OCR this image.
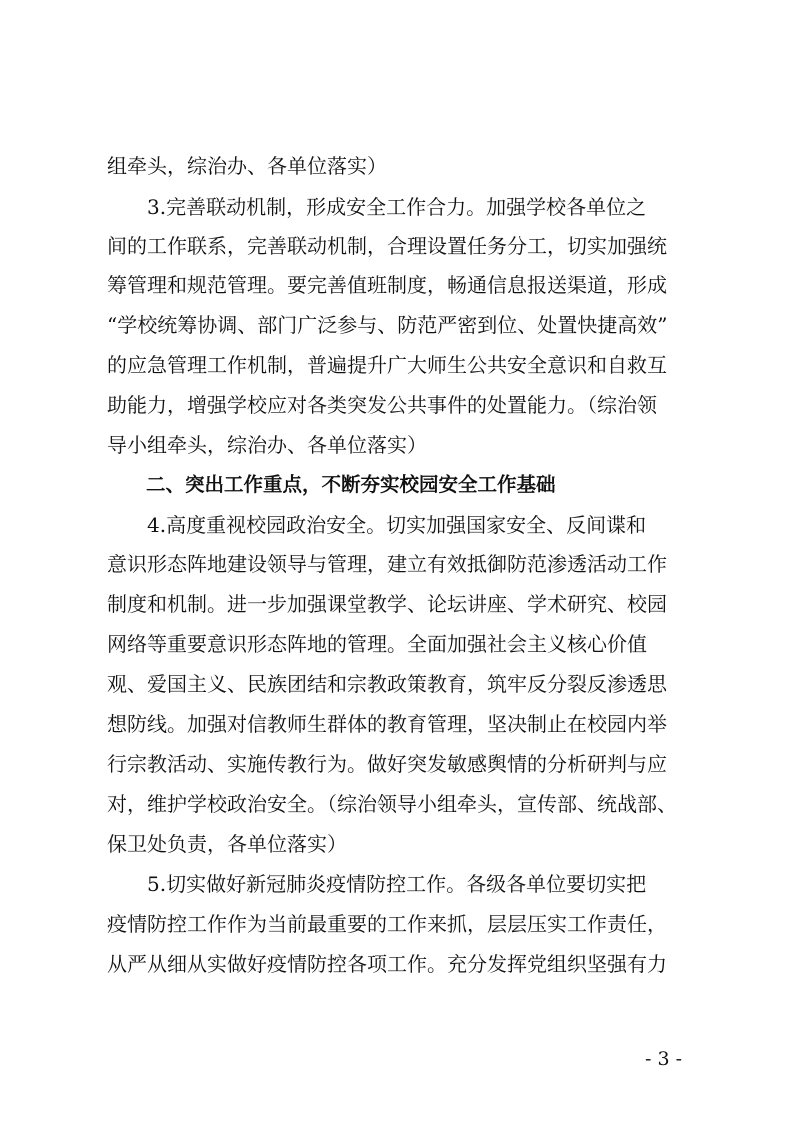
组牵头，综治办、各单位落实）
　　3.完善联动机制，形成安全工作合力。加强学校各单位之
间的工作联系，完善联动机制，合理设置任务分工，切实加强统
筹管理和规范管理。要完善值班制度，畅通信息报送渠道，形成
“学校统筹协调、部门广泛参与、防范严密到位、处置快捷高效”
的应急管理工作机制，普遍提升广大师生公共安全意识和自救互
助能力，增强学校应对各类突发公共事件的处置能力。（综治领
导小组牵头，综治办、各单位落实）
　　二、突出工作重点，不断夯实校园安全工作基础
　　4.高度重视校园政治安全。切实加强国家安全、反间谍和
意识形态阵地建设领导与管理，建立有效抵御防范渗透活动工作
制度和机制。进一步加强课堂教学、论坛讲座、学术研究、校园
网络等重要意识形态阵地的管理。全面加强社会主义核心价值
观、爱国主义、民族团结和宗教政策教育，筑牢反分裂反渗透思
想防线。加强对信教师生群体的教育管理，坚决制止在校园内举
行宗教活动、实施传教行为。做好突发敏感舆情的分析研判与应
对，维护学校政治安全。（综治领导小组牵头，宣传部、统战部、
保卫处负责，各单位落实）
　　5.切实做好新冠肺炎疫情防控工作。各级各单位要切实把
疫情防控工作作为当前最重要的工作来抓，层层压实工作责任，
从严从细从实做好疫情防控各项工作。充分发挥党组织坚强有力
- 3 -
